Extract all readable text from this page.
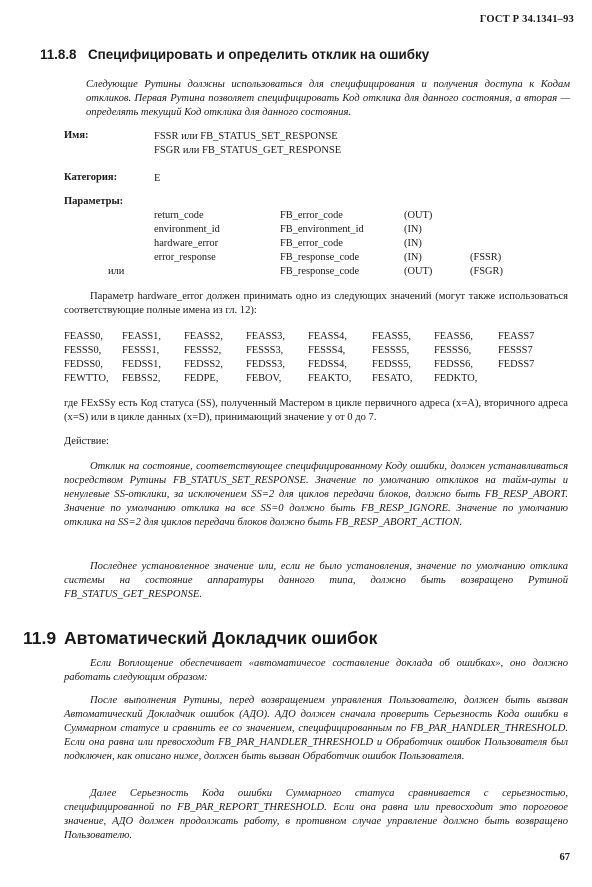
ГОСТ Р 34.1341–93
11.8.8 Специфицировать и определить отклик на ошибку
Следующие Рутины должны использоваться для специфицирования и получения доступа к Кодам откликов. Первая Рутина позволяет специфицировать Код отклика для данного состояния, а вторая — определять текущий Код отклика для данного состояния.
Имя:	FSSR или FB_STATUS_SET_RESPONSE
FSGR или FB_STATUS_GET_RESPONSE
Категория:	E
Параметры:
	return_code	FB_error_code	(OUT)	
	environment_id	FB_environment_id	(IN)	
	hardware_error	FB_error_code	(IN)	
	error_response	FB_response_code	(IN)	(FSSR)
или		FB_response_code	(OUT)	(FSGR)
Параметр hardware_error должен принимать одно из следующих значений (могут также использоваться соответствующие полные имена из гл. 12):
FEASS0,	FEASS1,	FEASS2,	FEASS3,	FEASS4,	FEASS5,	FEASS6,	FEASS7
FESSS0,	FESSS1,	FESSS2,	FESSS3,	FESSS4,	FESSS5,	FESSS6,	FESSS7
FEDSS0,	FEDSS1,	FEDSS2,	FEDSS3,	FEDSS4,	FEDSS5,	FEDSS6,	FEDSS7
FEWTTO,	FEBSS2,	FEDPE,	FEBOV,	FEAKTO,	FESATO,	FEDKTO,	
где FExSSy есть Код статуса (SS), полученный Мастером в цикле первичного адреса (x=A), вторичного адреса (x=S) или в цикле данных (x=D), принимающий значение y от 0 до 7.
Действие:
Отклик на состояние, соответствующее специфицированному Коду ошибки, должен устанавливаться посредством Рутины FB_STATUS_SET_RESPONSE. Значение по умолчанию откликов на тайм-ауты и ненулевые SS-отклики, за исключением SS=2 для циклов передачи блоков, должно быть FB_RESP_ABORT. Значение по умолчанию отклика на все SS=0 должно быть FB_RESP_IGNORE. Значение по умолчанию отклика на SS=2 для циклов передачи блоков должно быть FB_RESP_ABORT_ACTION.
Последнее установленное значение или, если не было установления, значение по умолчанию отклика системы на состояние аппаратуры данного типа, должно быть возвращено Рутиной FB_STATUS_GET_RESPONSE.
11.9 Автоматический Докладчик ошибок
Если Воплощение обеспечивает «автоматичесое составление доклада об ошибках», оно должно работать следующим образом:
После выполнения Рутины, перед возвращением управления Пользователю, должен быть вызван Автоматический Докладчик ошибок (АДО). АДО должен сначала проверить Серьезность Кода ошибки в Суммарном статусе и сравнить ее со значением, специфицированным по FB_PAR_HANDLER_THRESHOLD. Если она равна или превосходит FB_PAR_HANDLER_THRESHOLD и Обработчик ошибок Пользователя был подключен, как описано ниже, должен быть вызван Обработчик ошибок Пользователя.
Далее Серьезность Кода ошибки Суммарного статуса сравнивается с серьезностью, специфицированной по FB_PAR_REPORT_THRESHOLD. Если она равна или превосходит это пороговое значение, АДО должен продолжать работу, в противном случае управление должно быть возвращено Пользователю.
67
